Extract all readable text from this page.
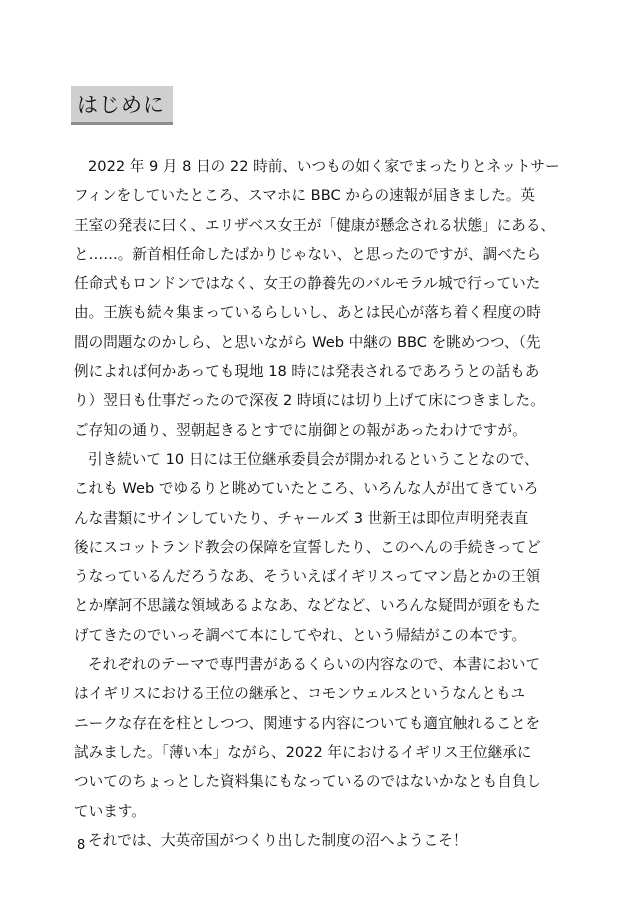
はじめに
2022 年 9 月 8 日の 22 時前、いつもの如く家でまったりとネットサー
フィンをしていたところ、スマホに BBC からの速報が届きました。英
王室の発表に曰く、エリザベス女王が「健康が懸念される状態」にある、
と……。新首相任命したばかりじゃない、と思ったのですが、調べたら
任命式もロンドンではなく、女王の静養先のバルモラル城で行っていた
由。王族も続々集まっているらしいし、あとは民心が落ち着く程度の時
間の問題なのかしら、と思いながら Web 中継の BBC を眺めつつ、（先
例によれば何かあっても現地 18 時には発表されるであろうとの話もあ
り）翌日も仕事だったので深夜 2 時頃には切り上げて床につきました。
ご存知の通り、翌朝起きるとすでに崩御との報があったわけですが。
引き続いて 10 日には王位継承委員会が開かれるということなので、
これも Web でゆるりと眺めていたところ、いろんな人が出てきていろ
んな書類にサインしていたり、チャールズ 3 世新王は即位声明発表直
後にスコットランド教会の保障を宣誓したり、このへんの手続きってど
うなっているんだろうなあ、そういえばイギリスってマン島とかの王領
とか摩訶不思議な領域あるよなあ、などなど、いろんな疑問が頭をもた
げてきたのでいっそ調べて本にしてやれ、という帰結がこの本です。
それぞれのテーマで専門書があるくらいの内容なので、本書において
はイギリスにおける王位の継承と、コモンウェルスというなんともユ
ニークな存在を柱としつつ、関連する内容についても適宜触れることを
試みました。「薄い本」ながら、2022 年におけるイギリス王位継承に
ついてのちょっとした資料集にもなっているのではないかなとも自負し
ています。
それでは、大英帝国がつくり出した制度の沼へようこそ！
8
